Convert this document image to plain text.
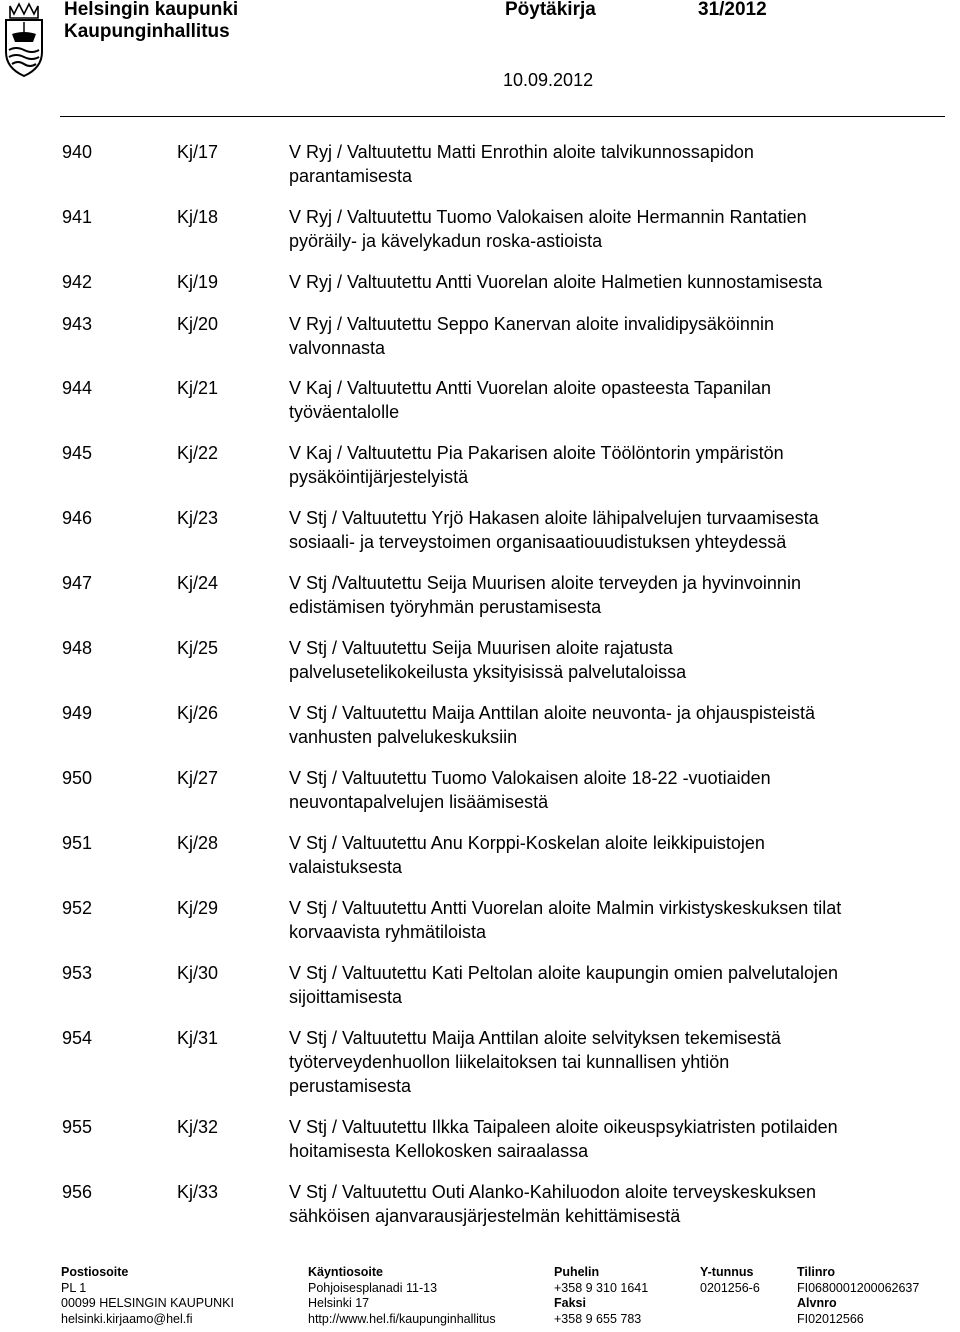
Helsingin kaupunki
Kaupunginhallitus
Pöytäkirja	31/2012
10.09.2012
940	Kj/17	V Ryj / Valtuutettu Matti Enrothin aloite talvikunnossapidon
parantamisesta
941	Kj/18	V Ryj / Valtuutettu Tuomo Valokaisen aloite Hermannin Rantatien
pyöräily- ja kävelykadun roska-astioista
942	Kj/19	V Ryj / Valtuutettu Antti Vuorelan aloite Halmetien kunnostamisesta
943	Kj/20	V Ryj / Valtuutettu Seppo Kanervan aloite invalidipysäköinnin
valvonnasta
944	Kj/21	V Kaj / Valtuutettu Antti Vuorelan aloite opasteesta Tapanilan
työväentalolle
945	Kj/22	V Kaj / Valtuutettu Pia Pakarisen aloite Töölöntorin ympäristön
pysäköintijärjestelyistä
946	Kj/23	V Stj / Valtuutettu Yrjö Hakasen aloite lähipalvelujen turvaamisesta
sosiaali- ja terveystoimen organisaatiouudistuksen yhteydessä
947	Kj/24	V Stj /Valtuutettu Seija Muurisen aloite terveyden ja hyvinvoinnin
edistämisen työryhmän perustamisesta
948	Kj/25	V Stj / Valtuutettu Seija Muurisen aloite rajatusta
palvelusetelikokeilusta yksityisissä palvelutaloissa
949	Kj/26	V Stj / Valtuutettu Maija Anttilan aloite neuvonta- ja ohjauspisteistä
vanhusten palvelukeskuksiin
950	Kj/27	V Stj / Valtuutettu Tuomo Valokaisen aloite 18-22 -vuotiaiden
neuvontapalvelujen lisäämisestä
951	Kj/28	V Stj / Valtuutettu Anu Korppi-Koskelan aloite leikkipuistojen
valaistuksesta
952	Kj/29	V Stj / Valtuutettu Antti Vuorelan aloite Malmin virkistyskeskuksen tilat
korvaavista ryhmätiloista
953	Kj/30	V Stj / Valtuutettu Kati Peltolan aloite kaupungin omien palvelutalojen
sijoittamisesta
954	Kj/31	V Stj / Valtuutettu Maija Anttilan aloite selvityksen tekemisestä
työterveydenhuollon liikelaitoksen tai kunnallisen yhtiön
perustamisesta
955	Kj/32	V Stj / Valtuutettu Ilkka Taipaleen aloite oikeuspsykiatristen potilaiden
hoitamisesta Kellokosken sairaalassa
956	Kj/33	V Stj / Valtuutettu Outi Alanko-Kahiluodon aloite terveyskeskuksen
sähköisen ajanvarausjärjestelmän kehittämisestä
Postiosoite
PL 1
00099 HELSINGIN KAUPUNKI
helsinki.kirjaamo@hel.fi
Käyntiosoite
Pohjoisesplanadi 11-13
Helsinki 17
http://www.hel.fi/kaupunginhallitus
Puhelin
+358 9 310 1641
Faksi
+358 9 655 783
Y-tunnus
0201256-6
Tilinro
FI0680001200062637
Alvnro
FI02012566
